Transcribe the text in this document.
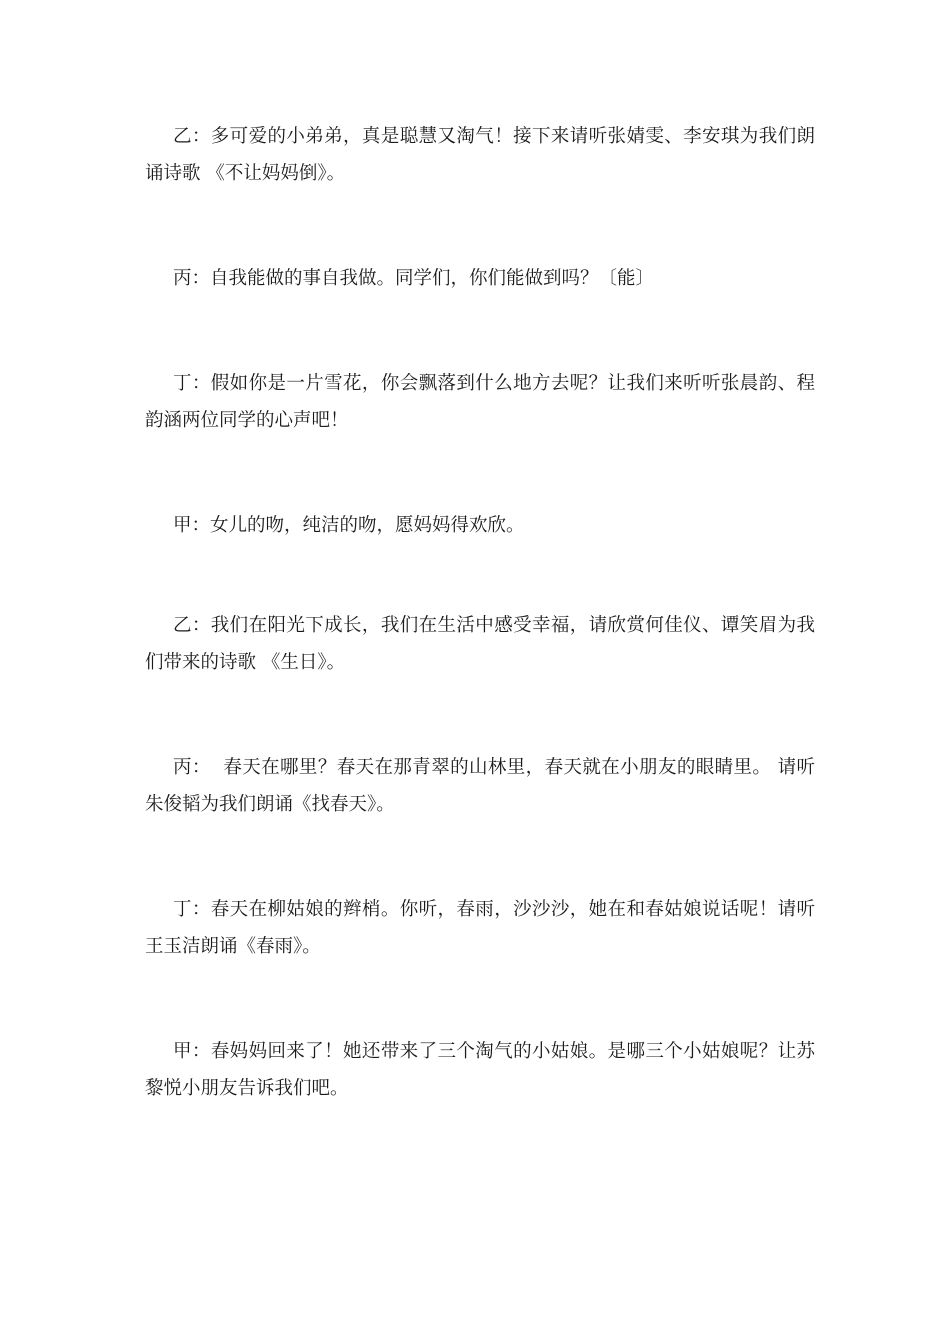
乙：多可爱的小弟弟，真是聪慧又淘气！接下来请听张婧雯、李安琪为我们朗诵诗歌 《不让妈妈倒》。

丙：自我能做的事自我做。同学们，你们能做到吗？〔能〕

丁：假如你是一片雪花，你会飘落到什么地方去呢？让我们来听听张晨韵、程韵涵两位同学的心声吧！

甲：女儿的吻，纯洁的吻，愿妈妈得欢欣。

乙：我们在阳光下成长，我们在生活中感受幸福，请欣赏何佳仪、谭笑眉为我们带来的诗歌 《生日》。

丙：  春天在哪里？春天在那青翠的山林里，春天就在小朋友的眼睛里。 请听朱俊韬为我们朗诵《找春天》。

丁：春天在柳姑娘的辫梢。你听，春雨，沙沙沙，她在和春姑娘说话呢！请听王玉洁朗诵《春雨》。

甲：春妈妈回来了！她还带来了三个淘气的小姑娘。是哪三个小姑娘呢？让苏黎悦小朋友告诉我们吧。
